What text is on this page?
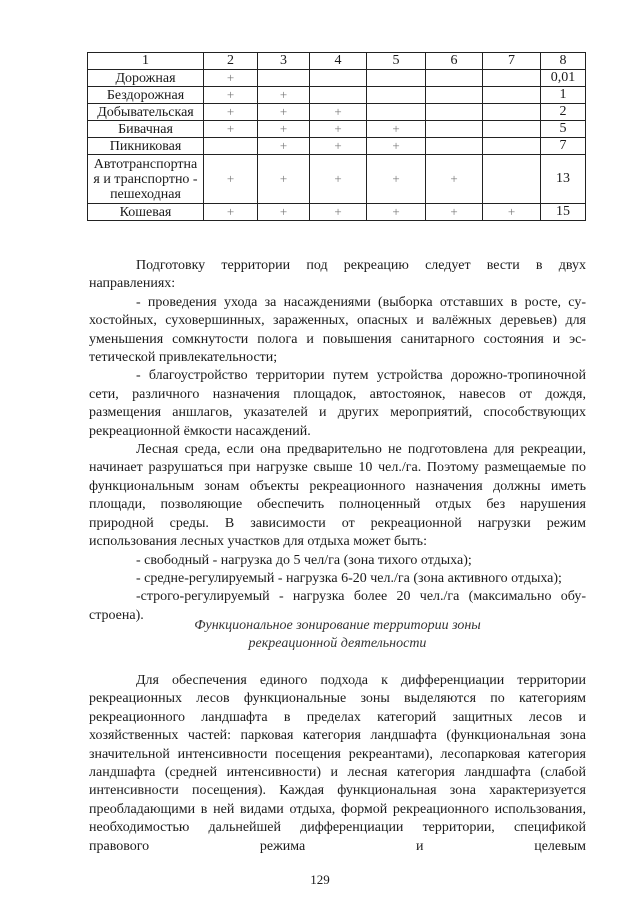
1	2	3	4	5	6	7	8
Дорожная	+						0,01
Бездорожная	+	+					1
Добывательская	+	+	+				2
Бивачная	+	+	+	+			5
Пикниковая		+	+	+			7

Автотранспортна
я и транспортно -
пешеходная	+	+	+	+	+		13
Кошевая	+	+	+	+	+	+	15

Подготовку территории под рекреацию следует вести в двух направлениях:

- проведения ухода за насаждениями (выборка отставших в росте, су-хостойных, суховершинных, зараженных, опасных и валёжных деревьев) для уменьшения сомкнутости полога и повышения санитарного состояния и эс-тетической привлекательности;

- благоустройство территории путем устройства дорожно-тропиночной сети, различного назначения площадок, автостоянок, навесов от дождя, размещения аншлагов, указателей и других мероприятий, способствующих рекреационной ёмкости насаждений.

Лесная среда, если она предварительно не подготовлена для рекреации, начинает разрушаться при нагрузке свыше 10 чел./га. Поэтому размещаемые по функциональным зонам объекты рекреационного назначения должны иметь площади, позволяющие обеспечить полноценный отдых без нарушения природной среды. В зависимости от рекреационной нагрузки режим использования лесных участков для отдыха может быть:

- свободный - нагрузка до 5 чел/га (зона тихого отдыха);

- средне-регулируемый - нагрузка 6-20 чел./га (зона активного отдыха);

-строго-регулируемый - нагрузка более 20 чел./га (максимально обу-строена).

Функциональное зонирование территории зоны
рекреационной деятельности

Для обеспечения единого подхода к дифференциации территории рекреационных лесов функциональные зоны выделяются по категориям рекреационного ландшафта в пределах категорий защитных лесов и хозяйственных частей: парковая категория ландшафта (функциональная зона значительной интенсивности посещения рекреантами), лесопарковая категория ландшафта (средней интенсивности) и лесная категория ландшафта (слабой интенсивности посещения). Каждая функциональная зона характеризуется преобладающими в ней видами отдыха, формой рекреационного использования, необходимостью дальнейшей дифференциации территории, спецификой правового режима и целевым

129
